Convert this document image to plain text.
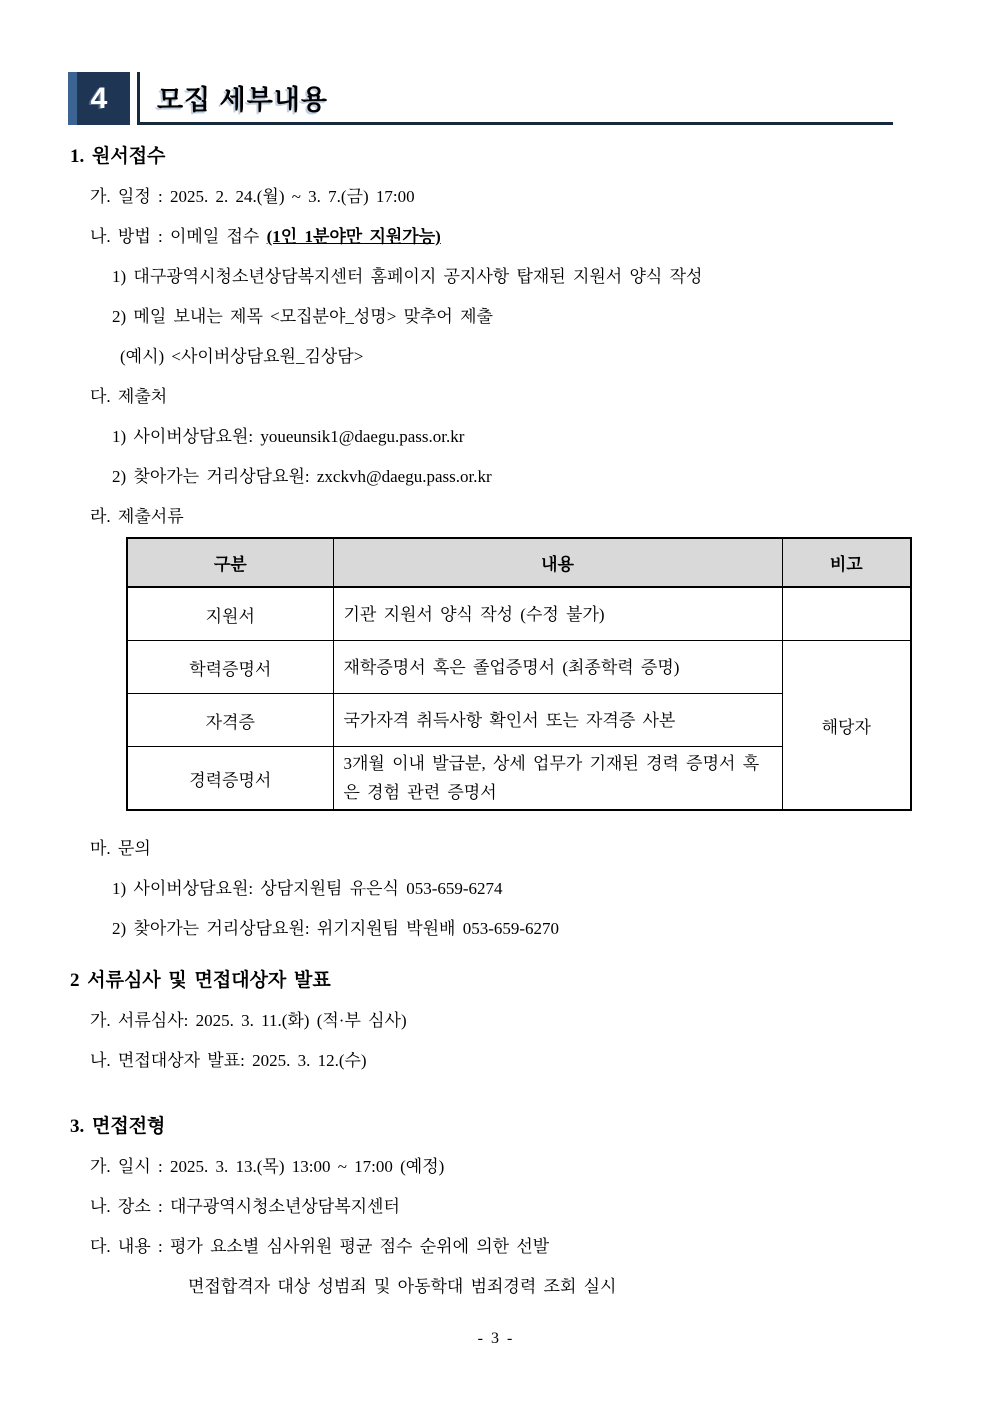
4 모집 세부내용
1. 원서접수
가. 일정 : 2025. 2. 24.(월) ~ 3. 7.(금) 17:00
나. 방법 : 이메일 접수 (1인 1분야만 지원가능)
1) 대구광역시청소년상담복지센터 홈페이지 공지사항 탑재된 지원서 양식 작성
2) 메일 보내는 제목 <모집분야_성명> 맞추어 제출
(예시) <사이버상담요원_김상담>
다. 제출처
1) 사이버상담요원: youeunsik1@daegu.pass.or.kr
2) 찾아가는 거리상담요원: zxckvh@daegu.pass.or.kr
라. 제출서류
구분	내용	비고
지원서	기관 지원서 양식 작성 (수정 불가)	
학력증명서	재학증명서 혹은 졸업증명서 (최종학력 증명)	해당자
자격증	국가자격 취득사항 확인서 또는 자격증 사본	
경력증명서	3개월 이내 발급분, 상세 업무가 기재된 경력 증명서 혹은 경험 관련 증명서	
마. 문의
1) 사이버상담요원: 상담지원팀 유은식 053-659-6274
2) 찾아가는 거리상담요원: 위기지원팀 박원배 053-659-6270
2 서류심사 및 면접대상자 발표
가. 서류심사: 2025. 3. 11.(화) (적·부 심사)
나. 면접대상자 발표: 2025. 3. 12.(수)
3. 면접전형
가. 일시 : 2025. 3. 13.(목) 13:00 ~ 17:00 (예정)
나. 장소 : 대구광역시청소년상담복지센터
다. 내용 : 평가 요소별 심사위원 평균 점수 순위에 의한 선발
면접합격자 대상 성범죄 및 아동학대 범죄경력 조회 실시
- 3 -
